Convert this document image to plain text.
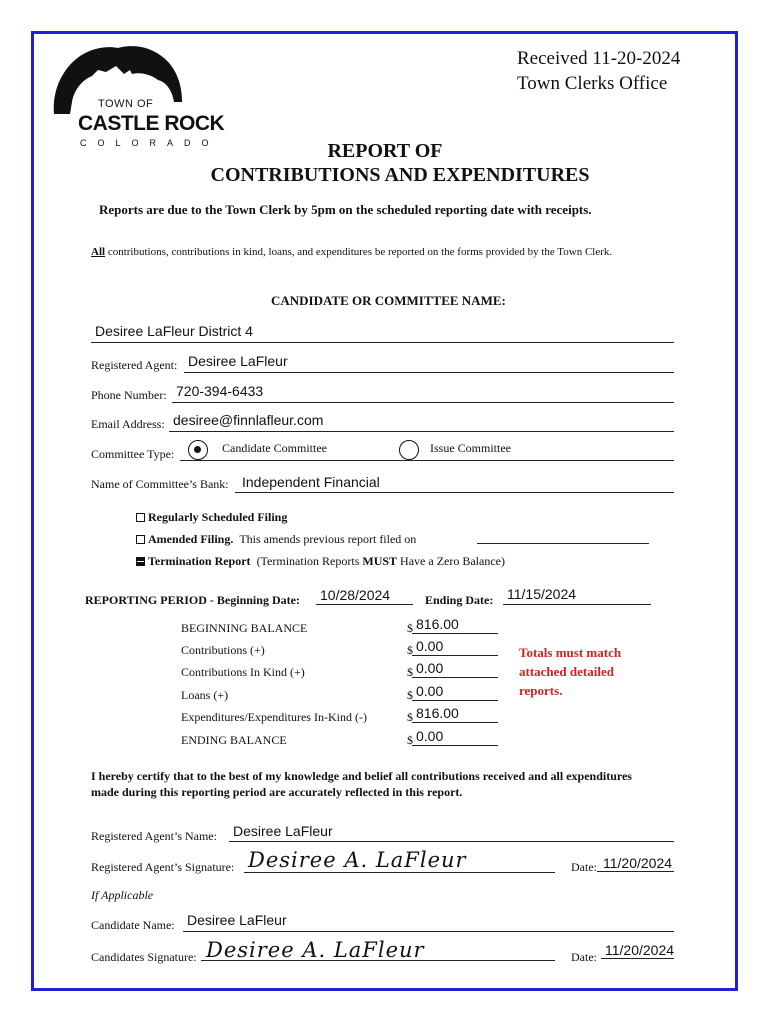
TOWN OF
CASTLE ROCK
COLORADO
Received 11-20-2024
Town Clerks Office
REPORT OF
CONTRIBUTIONS AND EXPENDITURES
Reports are due to the Town Clerk by 5pm on the scheduled reporting date with receipts.
All contributions, contributions in kind, loans, and expenditures be reported on the forms provided by the Town Clerk.
CANDIDATE OR COMMITTEE NAME:
Desiree LaFleur District 4
Registered Agent: Desiree LaFleur
Phone Number: 720-394-6433
Email Address: desiree@finnlafleur.com
Committee Type:	Candidate Committee	Issue Committee
Name of Committee’s Bank: Independent Financial
Regularly Scheduled Filing
Amended Filing. This amends previous report filed on
Termination Report (Termination Reports MUST Have a Zero Balance)
REPORTING PERIOD - Beginning Date: 10/28/2024	Ending Date: 11/15/2024
BEGINNING BALANCE	$ 816.00
Contributions (+)	$ 0.00
Contributions In Kind (+)	$ 0.00
Loans (+)	$ 0.00
Expenditures/Expenditures In-Kind (-)	$ 816.00
ENDING BALANCE	$ 0.00
Totals must match
attached detailed
reports.
I hereby certify that to the best of my knowledge and belief all contributions received and all expenditures
made during this reporting period are accurately reflected in this report.
Registered Agent’s Name: Desiree LaFleur
Registered Agent’s Signature: Desiree A. LaFleur	Date: 11/20/2024
If Applicable
Candidate Name: Desiree LaFleur
Candidates Signature: Desiree A. LaFleur	Date: 11/20/2024
